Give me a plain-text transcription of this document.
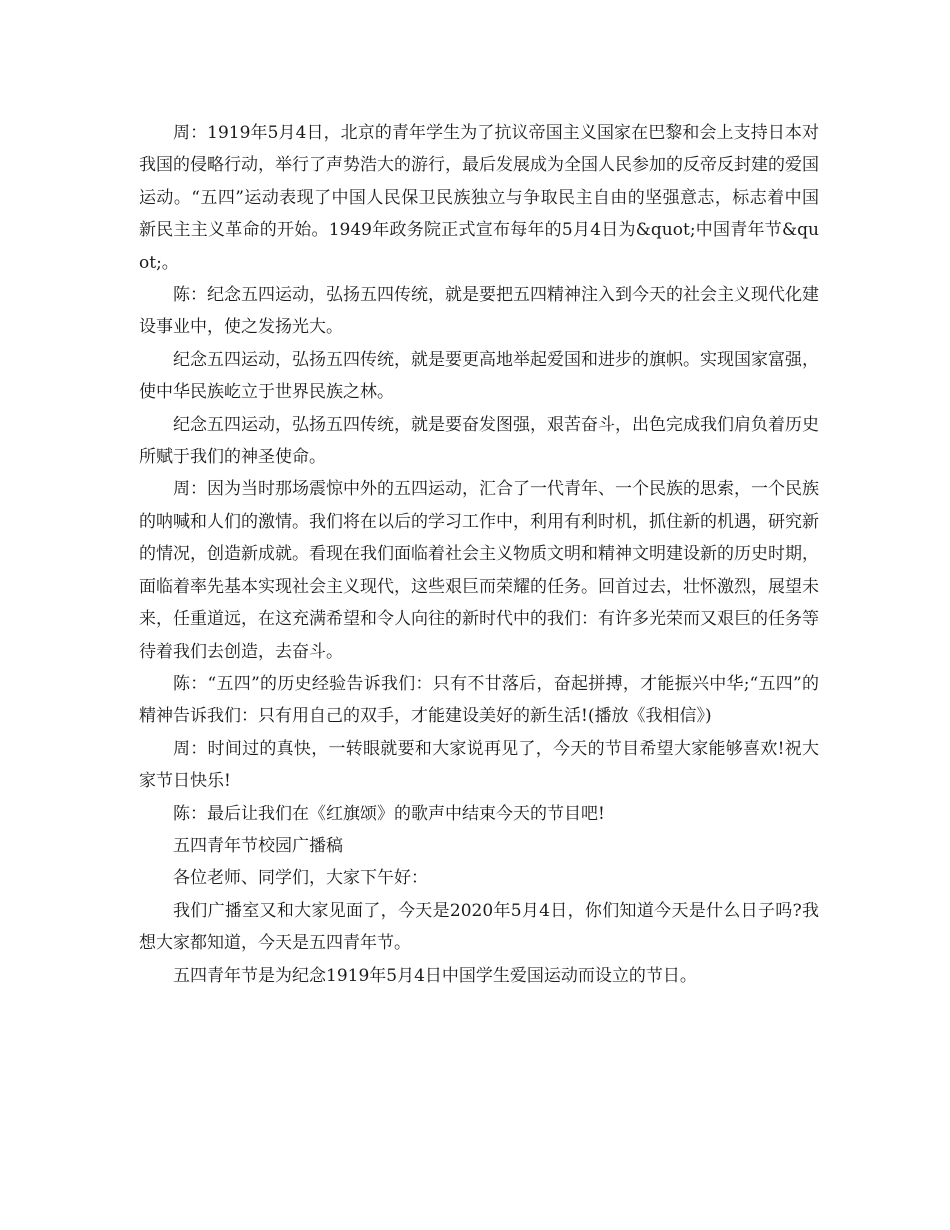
周：1919年5月4日，北京的青年学生为了抗议帝国主义国家在巴黎和会上支持日本对我国的侵略行动，举行了声势浩大的游行，最后发展成为全国人民参加的反帝反封建的爱国运动。“五四”运动表现了中国人民保卫民族独立与争取民主自由的坚强意志，标志着中国新民主主义革命的开始。1949年政务院正式宣布每年的5月4日为&quot;中国青年节&quot;。

陈：纪念五四运动，弘扬五四传统，就是要把五四精神注入到今天的社会主义现代化建设事业中，使之发扬光大。

纪念五四运动，弘扬五四传统，就是要更高地举起爱国和进步的旗帜。实现国家富强，使中华民族屹立于世界民族之林。

纪念五四运动，弘扬五四传统，就是要奋发图强，艰苦奋斗，出色完成我们肩负着历史所赋于我们的神圣使命。

周：因为当时那场震惊中外的五四运动，汇合了一代青年、一个民族的思索，一个民族的呐喊和人们的激情。我们将在以后的学习工作中，利用有利时机，抓住新的机遇，研究新的情况，创造新成就。看现在我们面临着社会主义物质文明和精神文明建设新的历史时期，面临着率先基本实现社会主义现代，这些艰巨而荣耀的任务。回首过去，壮怀激烈，展望未来，任重道远，在这充满希望和令人向往的新时代中的我们：有许多光荣而又艰巨的任务等待着我们去创造，去奋斗。

陈：“五四”的历史经验告诉我们：只有不甘落后，奋起拼搏，才能振兴中华;“五四”的精神告诉我们：只有用自己的双手，才能建设美好的新生活!(播放《我相信》)

周：时间过的真快，一转眼就要和大家说再见了，今天的节目希望大家能够喜欢!祝大家节日快乐!

陈：最后让我们在《红旗颂》的歌声中结束今天的节目吧!

五四青年节校园广播稿

各位老师、同学们，大家下午好：

我们广播室又和大家见面了，今天是2020年5月4日，你们知道今天是什么日子吗?我想大家都知道，今天是五四青年节。

五四青年节是为纪念1919年5月4日中国学生爱国运动而设立的节日。
